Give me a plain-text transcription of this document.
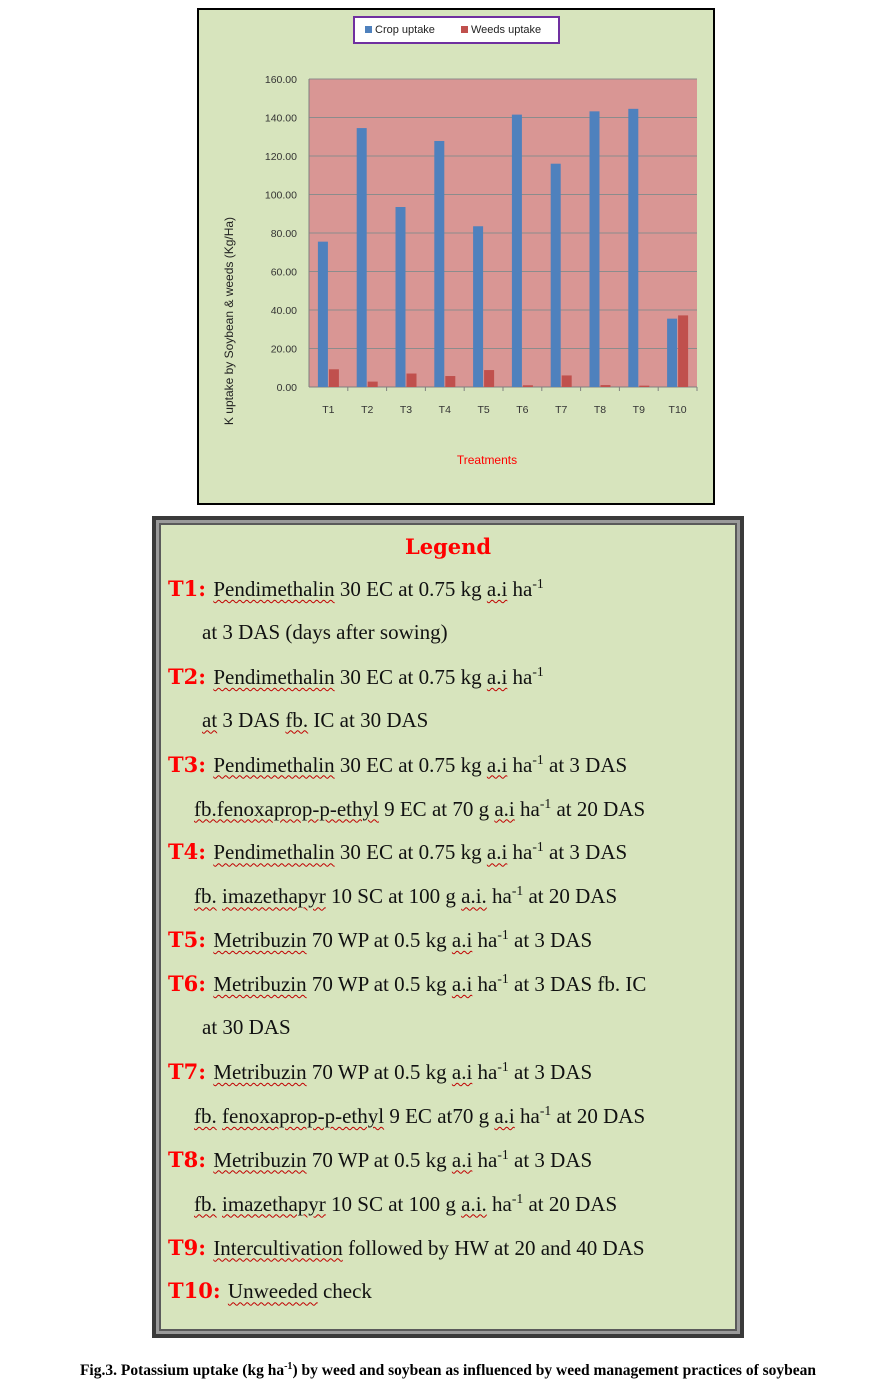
0.00
20.00
40.00
60.00
80.00
100.00
120.00
140.00
160.00
T1	T2	T3	T4	T5	T6	T7	T8	T9 T10
Treatments
K uptake by Soybean & weeds (Kg/Ha)
Crop uptake	Weeds uptake
Legend
T1: Pendimethalin 30 EC at 0.75 kg a.i $ha^{-1}$
at 3 DAS (days after sowing)
T2: Pendimethalin 30 EC at 0.75 kg a.i $ha^{-1}$
at 3 DAS fb. IC at 30 DAS
T3: Pendimethalin 30 EC at 0.75 kg a.i $ha^{-1}$ at 3 DAS
fb.fenoxaprop-p-ethyl 9 EC at 70 g a.i $ha^{-1}$ at 20 DAS
T4: Pendimethalin 30 EC at 0.75 kg a.i $ha^{-1}$ at 3 DAS
fb. imazethapyr 10 SC at 100 g a.i. $ha^{-1}$ at 20 DAS
T5: Metribuzin 70 WP at 0.5 kg a.i $ha^{-1}$ at 3 DAS
T6: Metribuzin 70 WP at 0.5 kg a.i $ha^{-1}$ at 3 DAS fb. IC
at 30 DAS
T7: Metribuzin 70 WP at 0.5 kg a.i $ha^{-1}$ at 3 DAS
fb. fenoxaprop-p-ethyl 9 EC at70 g a.i $ha^{-1}$ at 20 DAS
T8: Metribuzin 70 WP at 0.5 kg a.i $ha^{-1}$ at 3 DAS
fb. imazethapyr 10 SC at 100 g a.i. $ha^{-1}$ at 20 DAS
T9: Intercultivation followed by HW at 20 and 40 DAS
T10: Unweeded check
Fig.3. Potassium uptake (kg $ha^{-1}$) by weed and soybean as influenced by weed management practices of soybean
